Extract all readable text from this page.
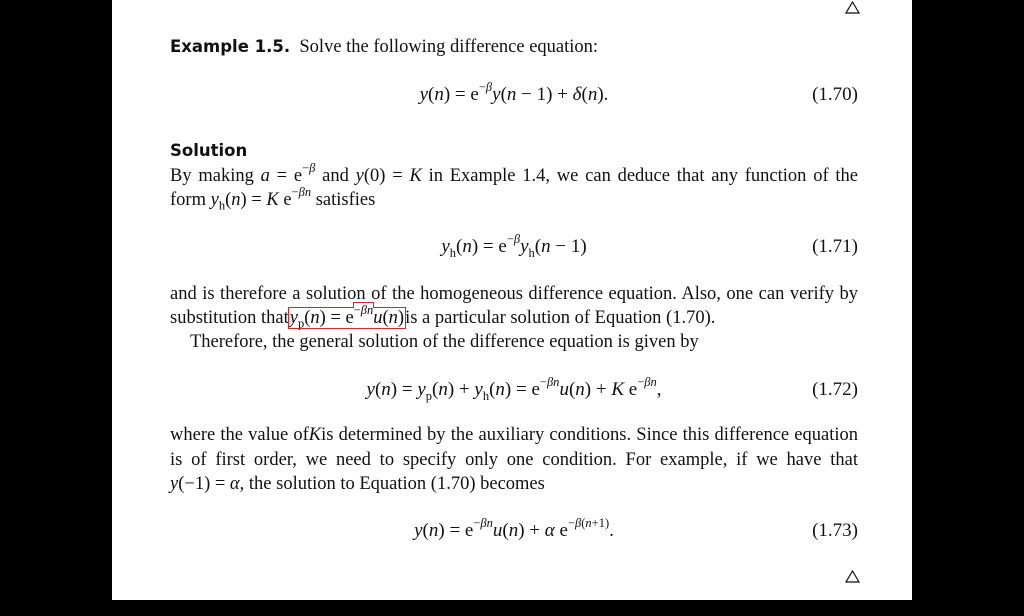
Example 1.5. Solve the following difference equation:
$y(n) = e^{-\beta}y(n - 1) + \delta(n)$.	(1.70)
Solution
By making $a = e^{-\beta}$ and y(0) = K in Example 1.4, we can deduce that any function of the
form $y_h(n) = K$ $e^{-\beta n}$ satisfies
$y_h(n) = e^{-\beta}y_h(n - 1)$	(1.71)
and is therefore a solution of the homogeneous difference equation. Also, one can verify by
substitution thaty$_p$(n) = $e^{-\beta n}u(n)is$ a particular solution of Equation (1.70).
Therefore, the general solution of the difference equation is given by
$y(n) = y_p(n) + y_h(n) = e^{-\beta n}u(n) + K$ $e^{-\beta n}$,	(1.72)
where the value ofKis determined by the auxiliary conditions. Since this difference equation
is of first order, we need to specify only one condition. For example, if we have that
y(−1) = α, the solution to Equation (1.70) becomes
$y(n) = e^{-\beta n}u(n) + \alpha$ $e^{-\beta(n+1)}$.	(1.73)
